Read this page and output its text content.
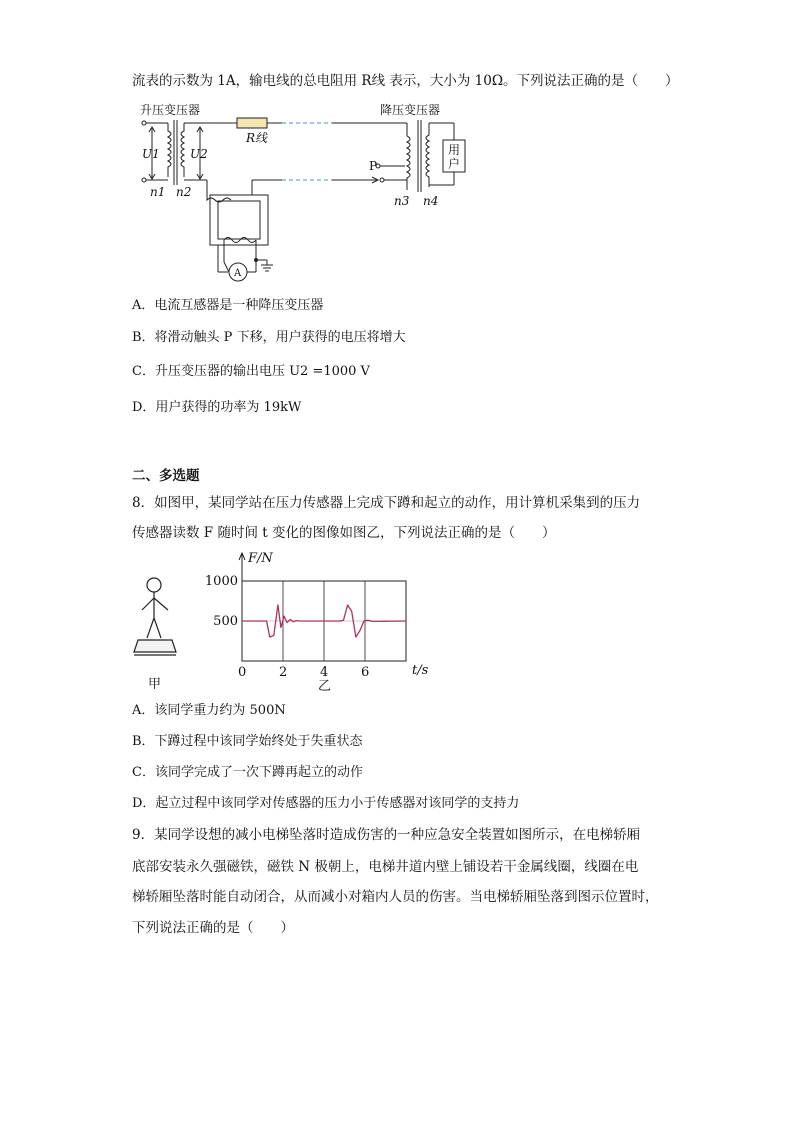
流表的示数为 1A，输电线的总电阻用 R线 表示，大小为 10Ω。下列说法正确的是（　　）
升压变压器	降压变压器
R线
U1	U2
n1 n2
P
n3 n4
用
户
A
A．电流互感器是一种降压变压器
B．将滑动触头 P 下移，用户获得的电压将增大
C．升压变压器的输出电压 U2 =1000 V
D．用户获得的功率为 19kW
二、多选题
8．如图甲，某同学站在压力传感器上完成下蹲和起立的动作，用计算机采集到的压力
传感器读数 F 随时间 t 变化的图像如图乙，下列说法正确的是（　　）
甲
F/N
t/s
0	2	4	6
500
1000
乙
A．该同学重力约为 500N
B．下蹲过程中该同学始终处于失重状态
C．该同学完成了一次下蹲再起立的动作
D．起立过程中该同学对传感器的压力小于传感器对该同学的支持力
9．某同学设想的减小电梯坠落时造成伤害的一种应急安全装置如图所示，在电梯轿厢
底部安装永久强磁铁，磁铁 N 极朝上，电梯井道内壁上铺设若干金属线圈，线圈在电
梯轿厢坠落时能自动闭合，从而减小对箱内人员的伤害。当电梯轿厢坠落到图示位置时，
下列说法正确的是（　　）
